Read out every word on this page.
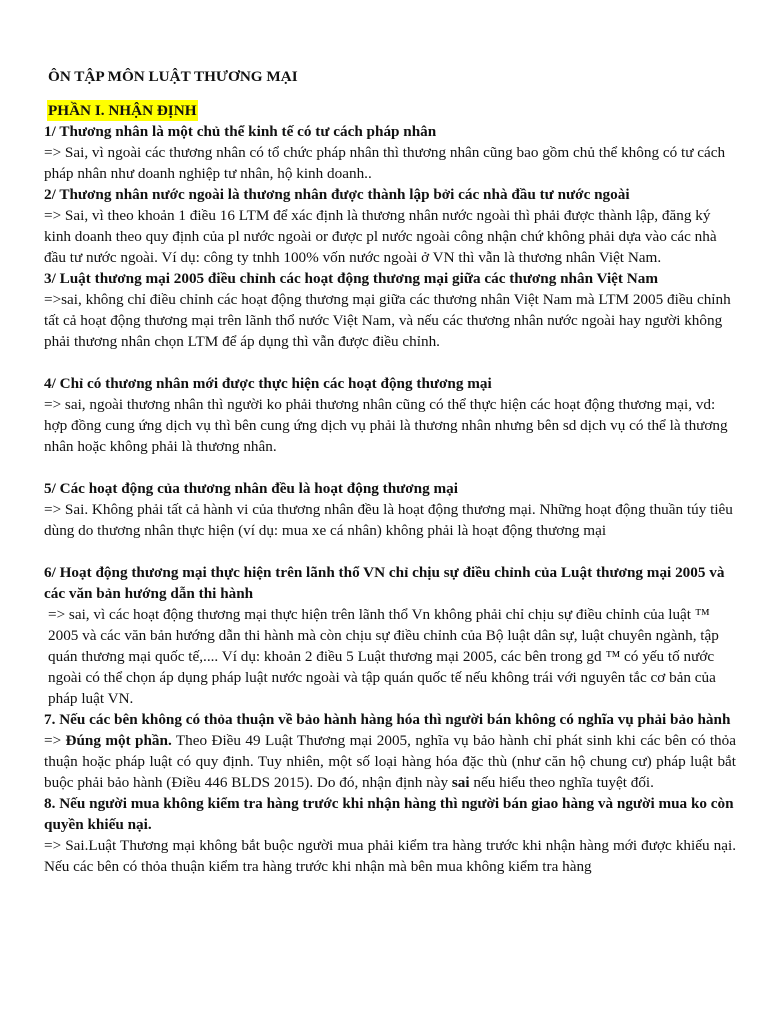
ÔN TẬP MÔN LUẬT THƯƠNG MẠI
PHẦN I. NHẬN ĐỊNH

1/ Thương nhân là một chủ thể kinh tế có tư cách pháp nhân

=> Sai, vì ngoài các thương nhân có tổ chức pháp nhân thì thương nhân cũng bao gồm chủ thể không có tư cách pháp nhân như doanh nghiệp tư nhân, hộ kinh doanh..

2/ Thương nhân nước ngoài là thương nhân được thành lập bởi các nhà đầu tư nước ngoài

=> Sai, vì theo khoản 1 điều 16 LTM để xác định là thương nhân nước ngoài thì phải được thành lập, đăng ký kinh doanh theo quy định của pl nước ngoài or được pl nước ngoài công nhận chứ không phải dựa vào các nhà đầu tư nước ngoài. Ví dụ: công ty tnhh 100% vốn nước ngoài ở VN thì vẫn là thương nhân Việt Nam.

3/ Luật thương mại 2005 điều chỉnh các hoạt động thương mại giữa các thương nhân Việt Nam

=>sai, không chỉ điều chỉnh các hoạt động thương mại giữa các thương nhân Việt Nam mà LTM 2005 điều chỉnh tất cả hoạt động thương mại trên lãnh thổ nước Việt Nam, và nếu các thương nhân nước ngoài hay người không phải thương nhân chọn LTM để áp dụng thì vẫn được điều chỉnh.

4/ Chỉ có thương nhân mới được thực hiện các hoạt động thương mại

=> sai, ngoài thương nhân thì người ko phải thương nhân cũng có thể thực hiện các hoạt động thương mại, vd: hợp đồng cung ứng dịch vụ thì bên cung ứng dịch vụ phải là thương nhân nhưng bên sd dịch vụ có thể là thương nhân hoặc không phải là thương nhân.

5/ Các hoạt động của thương nhân đều là hoạt động thương mại

=> Sai. Không phải tất cả hành vi của thương nhân đều là hoạt động thương mại. Những hoạt động thuần túy tiêu dùng do thương nhân thực hiện (ví dụ: mua xe cá nhân) không phải là hoạt động thương mại

6/ Hoạt động thương mại thực hiện trên lãnh thổ VN chỉ chịu sự điều chỉnh của Luật thương mại 2005 và các văn bản hướng dẫn thi hành

=> sai, vì các hoạt động thương mại thực hiện trên lãnh thổ Vn không phải chỉ chịu sự điều chỉnh của luật ™ 2005 và các văn bản hướng dẫn thi hành mà còn chịu sự điều chỉnh của Bộ luật dân sự, luật chuyên ngành, tập quán thương mại quốc tế,.... Ví dụ: khoản 2 điều 5 Luật thương mại 2005, các bên trong gd ™ có yếu tố nước ngoài có thể chọn áp dụng pháp luật nước ngoài và tập quán quốc tế nếu không trái với nguyên tắc cơ bản của pháp luật VN.

7. Nếu các bên không có thỏa thuận về bảo hành hàng hóa thì người bán không có nghĩa vụ phải bảo hành

=> Đúng một phần. Theo Điều 49 Luật Thương mại 2005, nghĩa vụ bảo hành chỉ phát sinh khi các bên có thỏa thuận hoặc pháp luật có quy định. Tuy nhiên, một số loại hàng hóa đặc thù (như căn hộ chung cư) pháp luật bắt buộc phải bảo hành (Điều 446 BLDS 2015). Do đó, nhận định này sai nếu hiểu theo nghĩa tuyệt đối.

8. Nếu người mua không kiểm tra hàng trước khi nhận hàng thì người bán giao hàng và người mua ko còn quyền khiếu nại.

=> Sai.Luật Thương mại không bắt buộc người mua phải kiểm tra hàng trước khi nhận hàng mới được khiếu nại. Nếu các bên có thỏa thuận kiểm tra hàng trước khi nhận mà bên mua không kiểm tra hàng
